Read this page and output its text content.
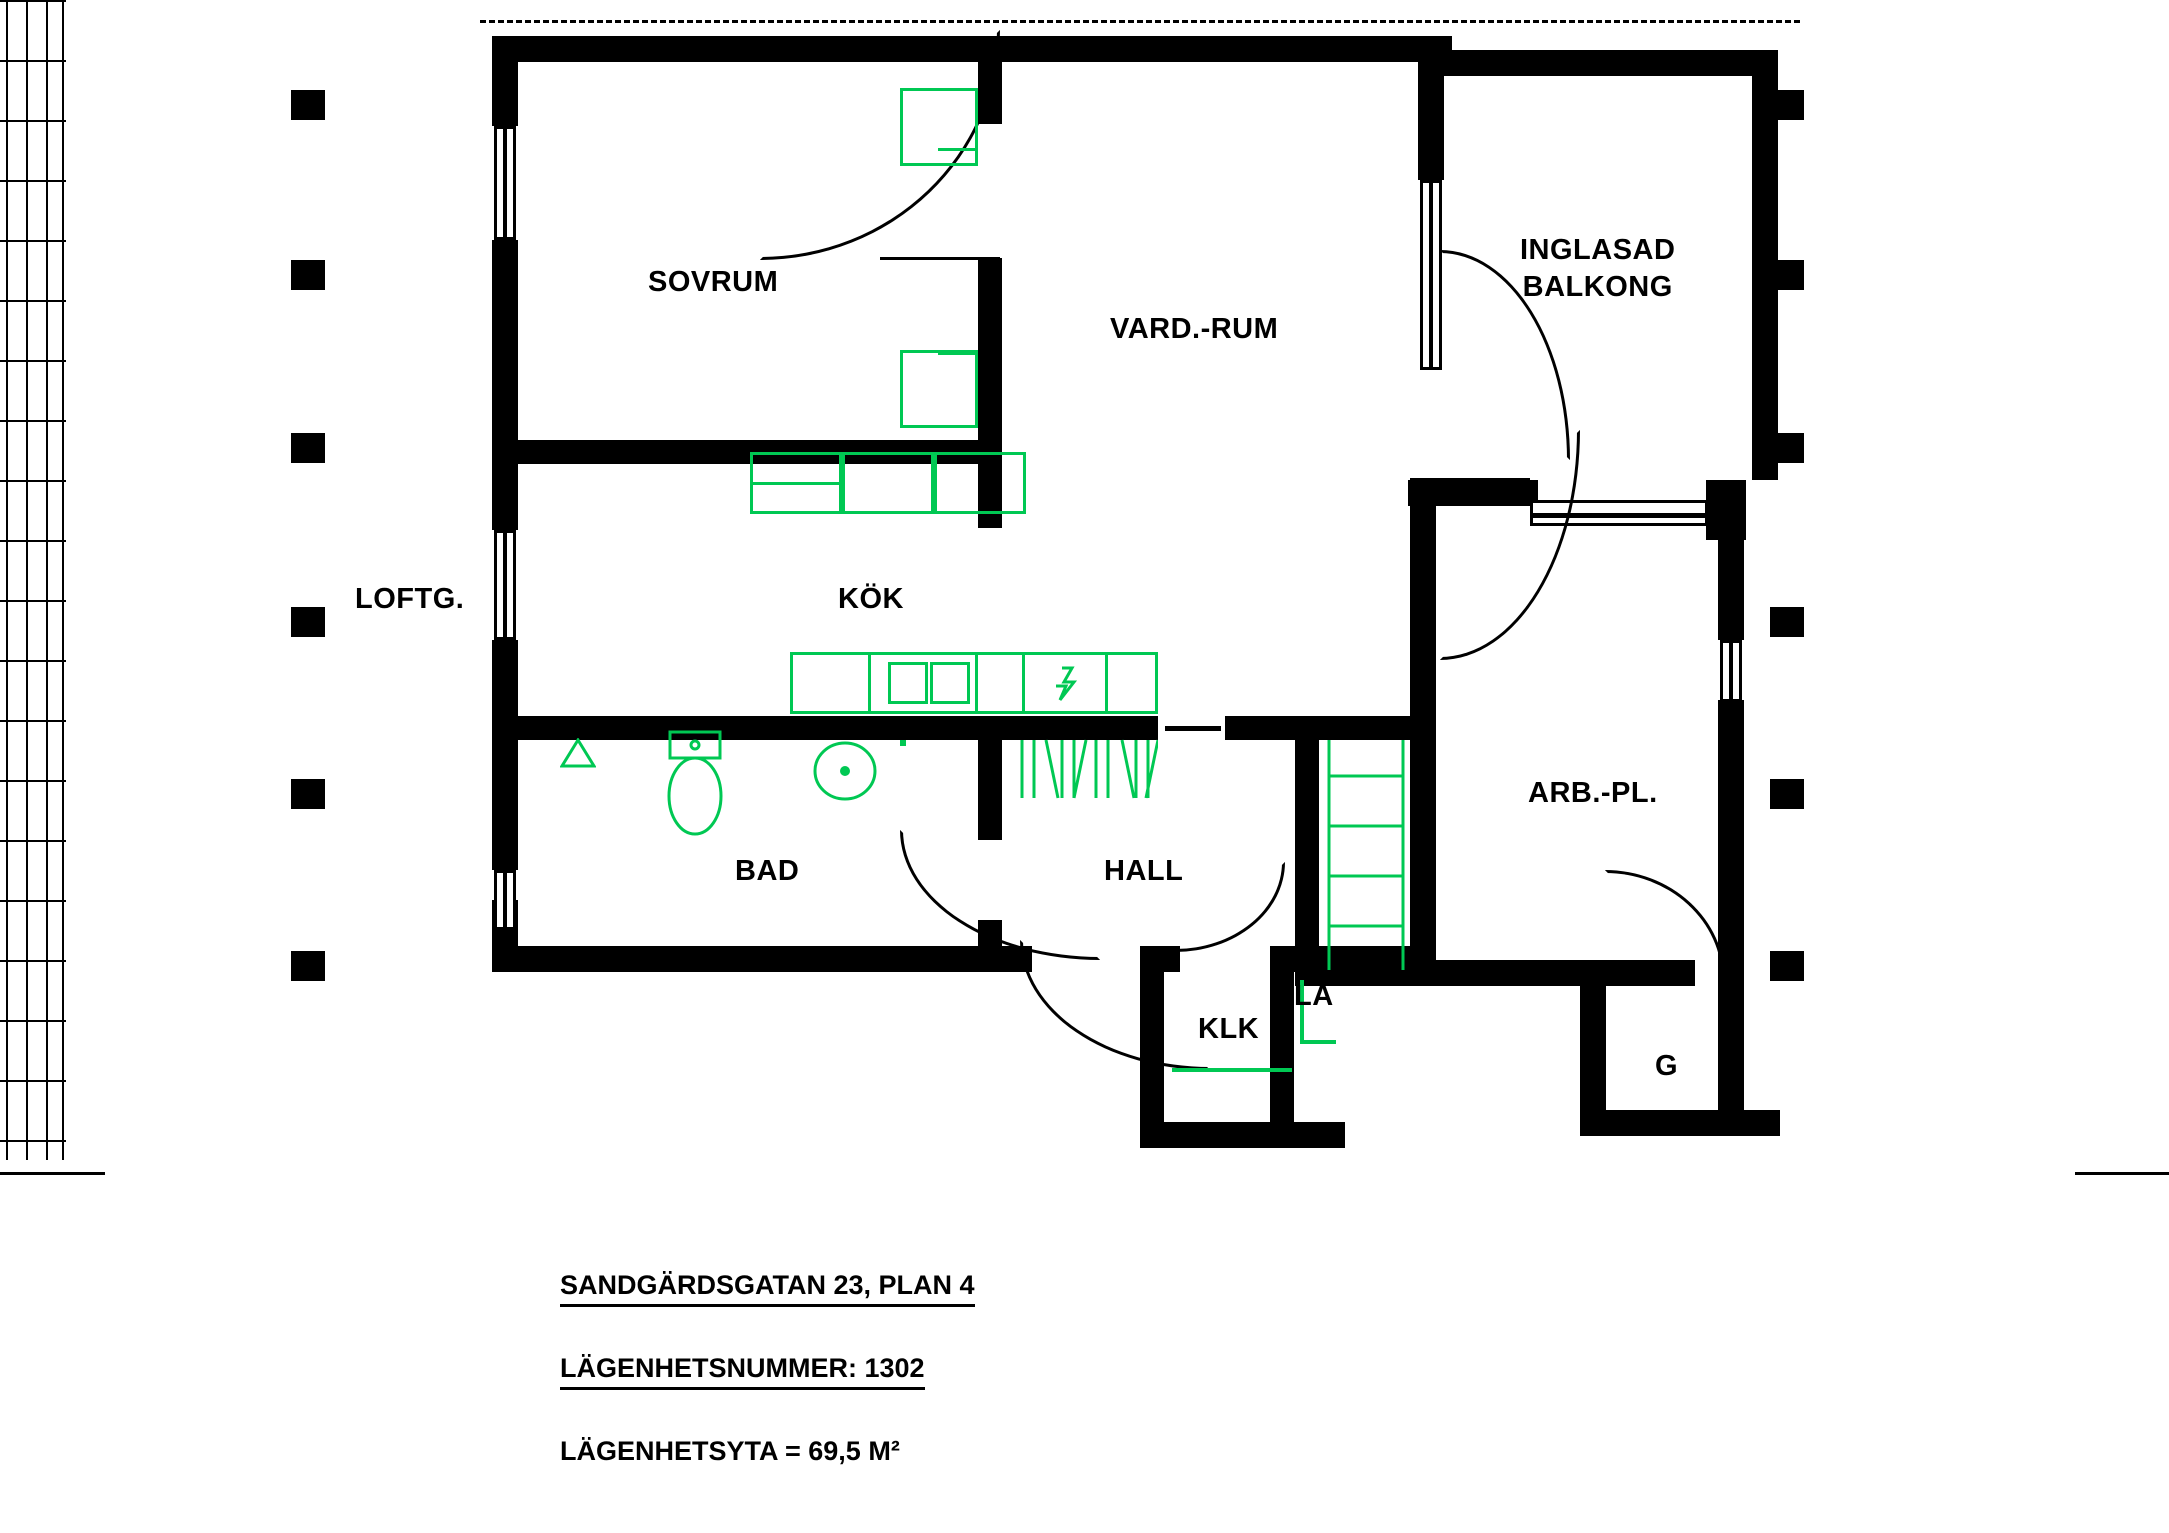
SOVRUM
VARD.-RUM
KÖK
BAD	HALL
KLK
LA
G
ARB.-PL.
LOFTG.
INGLASAD
BALKONG
SANDGÄRDSGATAN 23, PLAN 4
LÄGENHETSNUMMER: 1302
LÄGENHETSYTA = 69,5 M²
